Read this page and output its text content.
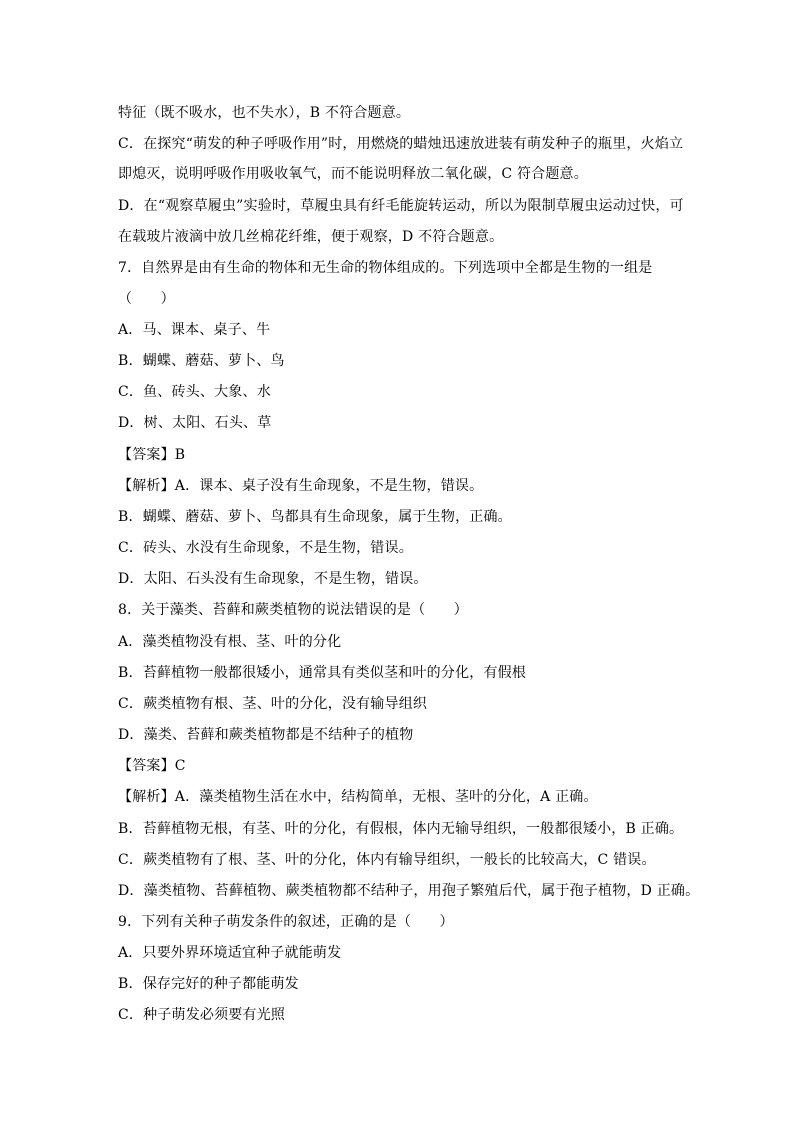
特征（既不吸水，也不失水），B 不符合题意。
C．在探究“萌发的种子呼吸作用”时，用燃烧的蜡烛迅速放进装有萌发种子的瓶里，火焰立
即熄灭，说明呼吸作用吸收氧气，而不能说明释放二氧化碳，C 符合题意。
D．在“观察草履虫”实验时，草履虫具有纤毛能旋转运动，所以为限制草履虫运动过快，可
在载玻片液滴中放几丝棉花纤维，便于观察，D 不符合题意。
7．自然界是由有生命的物体和无生命的物体组成的。下列选项中全都是生物的一组是
（　　）
A．马、课本、桌子、牛
B．蝴蝶、蘑菇、萝卜、鸟
C．鱼、砖头、大象、水
D．树、太阳、石头、草
【答案】B
【解析】A．课本、桌子没有生命现象，不是生物，错误。
B．蝴蝶、蘑菇、萝卜、鸟都具有生命现象，属于生物，正确。
C．砖头、水没有生命现象，不是生物，错误。
D．太阳、石头没有生命现象，不是生物，错误。
8．关于藻类、苔藓和蕨类植物的说法错误的是（　　）
A．藻类植物没有根、茎、叶的分化
B．苔藓植物一般都很矮小，通常具有类似茎和叶的分化，有假根
C．蕨类植物有根、茎、叶的分化，没有输导组织
D．藻类、苔藓和蕨类植物都是不结种子的植物
【答案】C
【解析】A．藻类植物生活在水中，结构简单，无根、茎叶的分化，A 正确。
B．苔藓植物无根，有茎、叶的分化，有假根，体内无输导组织，一般都很矮小，B 正确。
C．蕨类植物有了根、茎、叶的分化，体内有输导组织，一般长的比较高大，C 错误。
D．藻类植物、苔藓植物、蕨类植物都不结种子，用孢子繁殖后代，属于孢子植物，D 正确。
9．下列有关种子萌发条件的叙述，正确的是（　　）
A．只要外界环境适宜种子就能萌发
B．保存完好的种子都能萌发
C．种子萌发必须要有光照
